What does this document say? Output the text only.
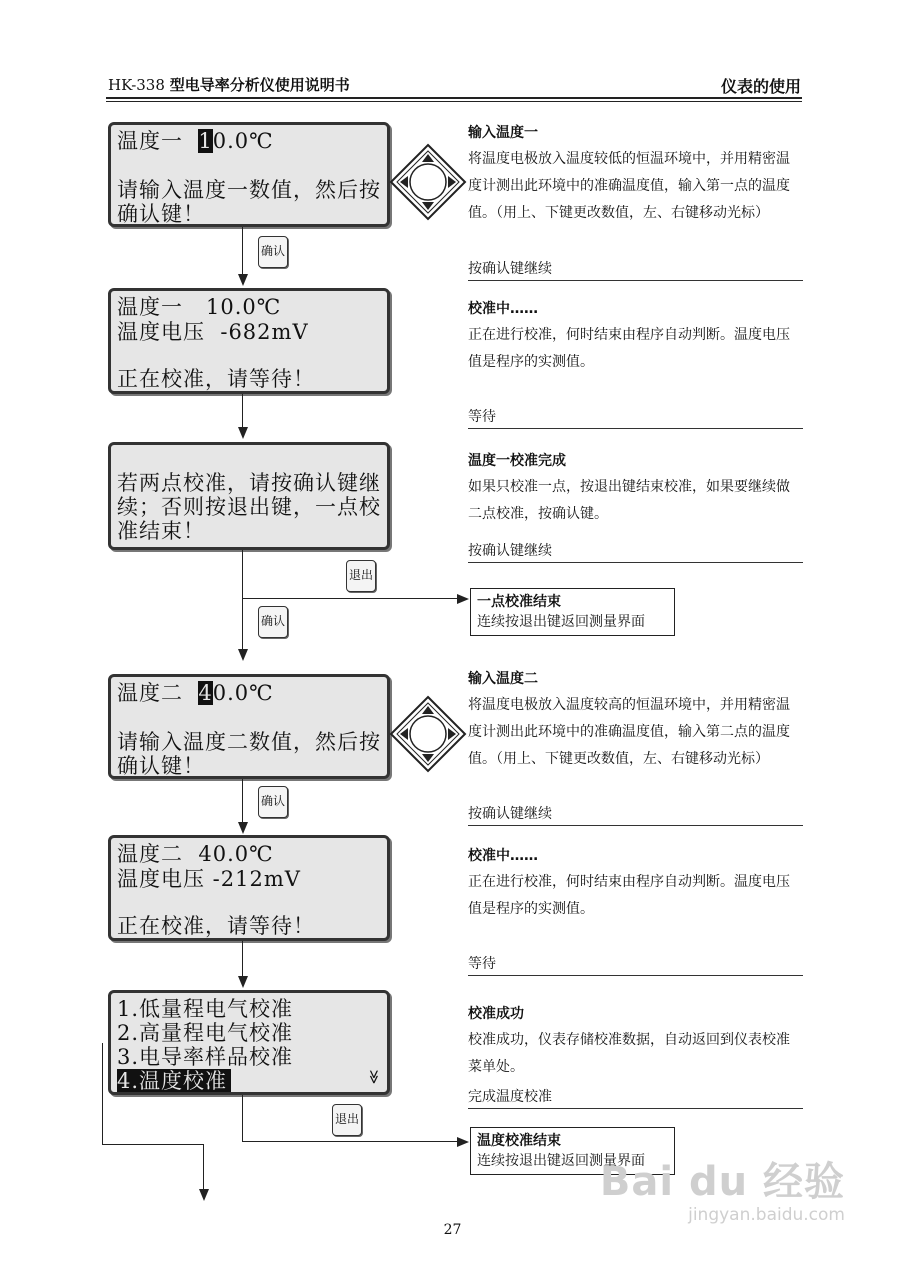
HK-338 型电导率分析仪使用说明书	仪表的使用
温度一  10.0℃
请输入温度一数值，然后按
确认键！
确认
温度一   10.0℃
温度电压  -682mV
正在校准，请等待！
若两点校准，请按确认键继
续；否则按退出键，一点校
准结束！
退出
确认
一点校准结束
连续按退出键返回测量界面
温度二  40.0℃
请输入温度二数值，然后按
确认键！
确认
温度二  40.0℃
温度电压 -212mV
正在校准，请等待！
1.低量程电气校准
2.高量程电气校准
3.电导率样品校准
4.温度校准	≫
退出
温度校准结束
连续按退出键返回测量界面
输入温度一
将温度电极放入温度较低的恒温环境中，并用精密温度计测出此环境中的准确温度值，输入第一点的温度值。（用上、下键更改数值，左、右键移动光标）
按确认键继续
校准中……
正在进行校准，何时结束由程序自动判断。温度电压值是程序的实测值。
等待
温度一校准完成
如果只校准一点，按退出键结束校准，如果要继续做二点校准，按确认键。
按确认键继续
输入温度二
将温度电极放入温度较高的恒温环境中，并用精密温度计测出此环境中的准确温度值，输入第二点的温度值。（用上、下键更改数值，左、右键移动光标）
按确认键继续
校准中……
正在进行校准，何时结束由程序自动判断。温度电压值是程序的实测值。
等待
校准成功
校准成功，仪表存储校准数据，自动返回到仪表校准菜单处。
完成温度校准
27
Bai du 经验
jingyan.baidu.com
